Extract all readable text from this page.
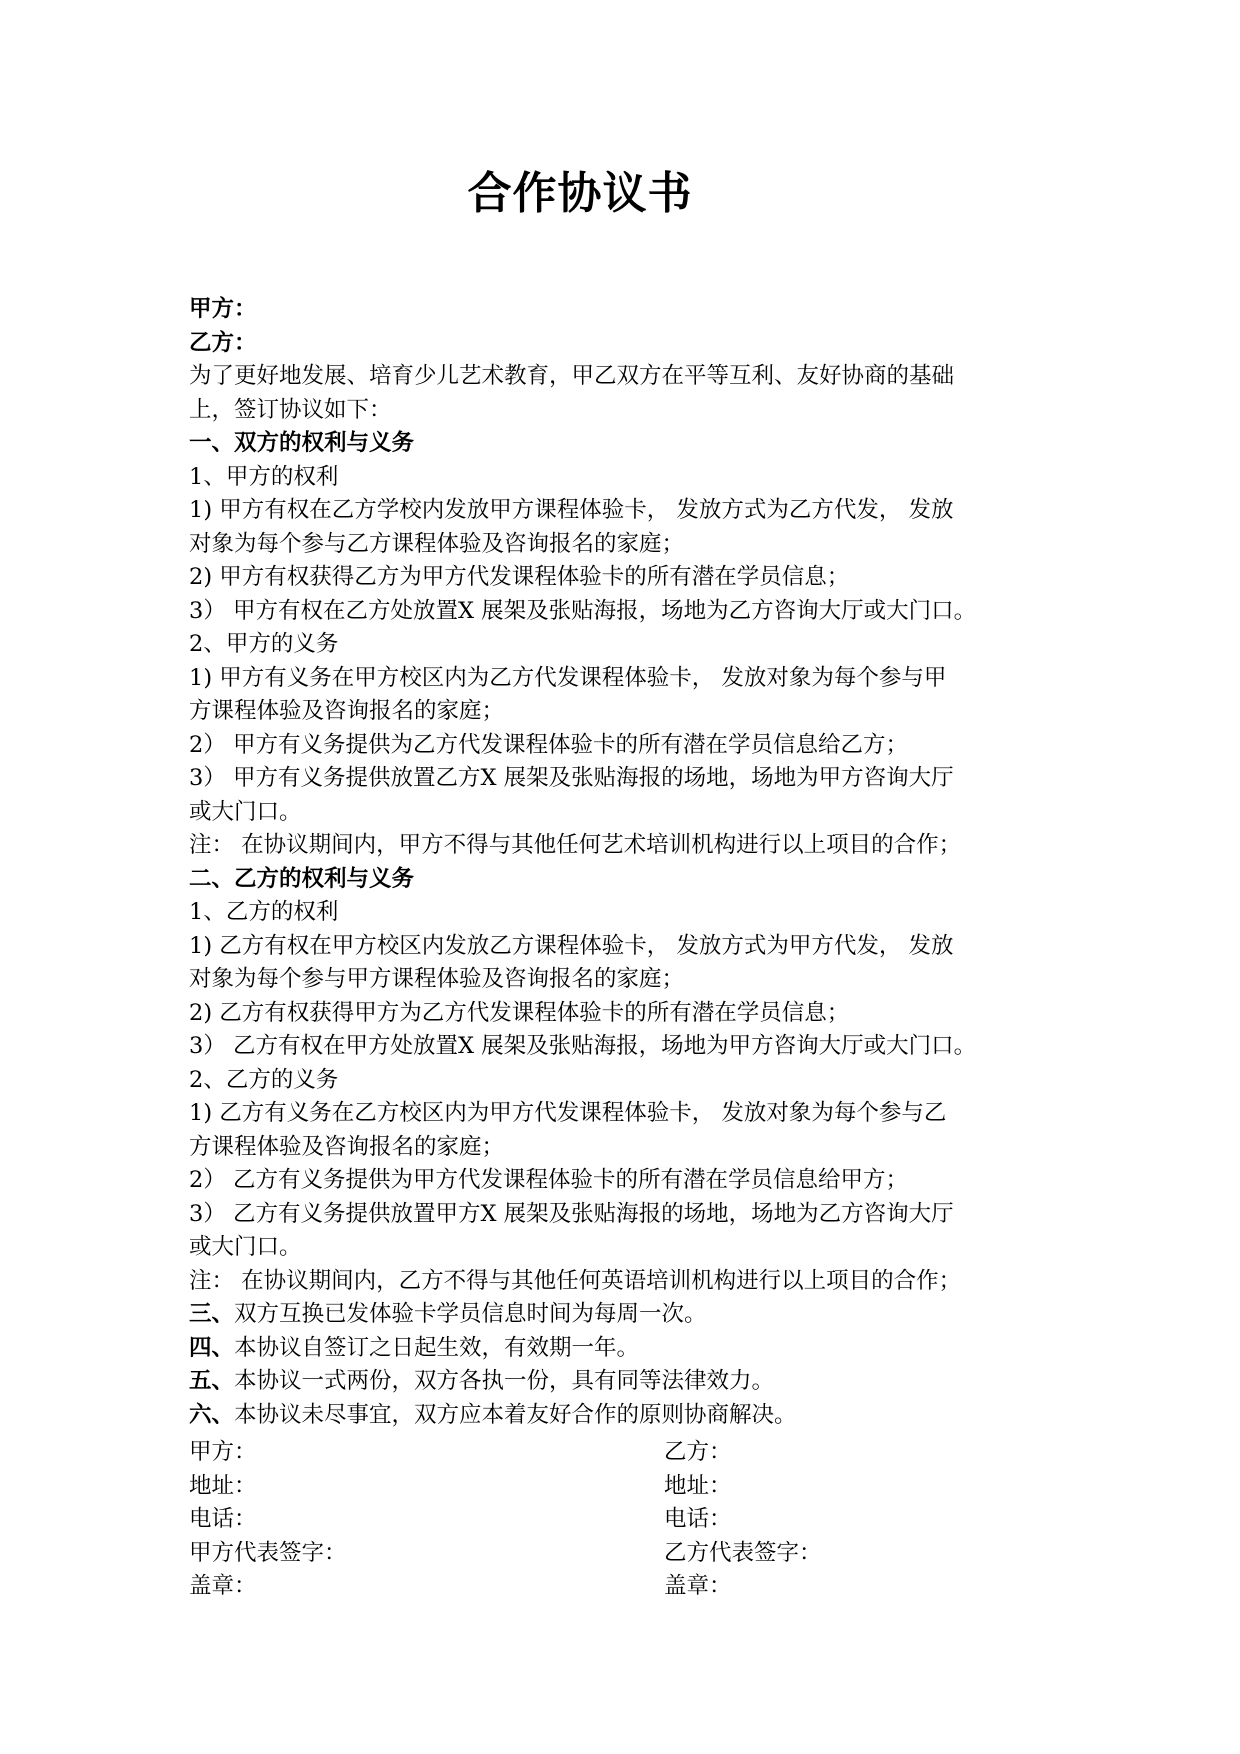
合作协议书
甲方：
乙方：
为了更好地发展、培育少儿艺术教育，甲乙双方在平等互利、友好协商的基础
上，签订协议如下：
一、双方的权利与义务
1、甲方的权利
1) 甲方有权在乙方学校内发放甲方课程体验卡， 发放方式为乙方代发， 发放
对象为每个参与乙方课程体验及咨询报名的家庭；
2) 甲方有权获得乙方为甲方代发课程体验卡的所有潜在学员信息；
3） 甲方有权在乙方处放置X 展架及张贴海报，场地为乙方咨询大厅或大门口。
2、甲方的义务
1) 甲方有义务在甲方校区内为乙方代发课程体验卡， 发放对象为每个参与甲
方课程体验及咨询报名的家庭；
2） 甲方有义务提供为乙方代发课程体验卡的所有潜在学员信息给乙方；
3） 甲方有义务提供放置乙方X 展架及张贴海报的场地，场地为甲方咨询大厅
或大门口。
注： 在协议期间内，甲方不得与其他任何艺术培训机构进行以上项目的合作；
二、乙方的权利与义务
1、乙方的权利
1) 乙方有权在甲方校区内发放乙方课程体验卡， 发放方式为甲方代发， 发放
对象为每个参与甲方课程体验及咨询报名的家庭；
2) 乙方有权获得甲方为乙方代发课程体验卡的所有潜在学员信息；
3） 乙方有权在甲方处放置X 展架及张贴海报，场地为甲方咨询大厅或大门口。
2、乙方的义务
1) 乙方有义务在乙方校区内为甲方代发课程体验卡， 发放对象为每个参与乙
方课程体验及咨询报名的家庭；
2） 乙方有义务提供为甲方代发课程体验卡的所有潜在学员信息给甲方；
3） 乙方有义务提供放置甲方X 展架及张贴海报的场地，场地为乙方咨询大厅
或大门口。
注： 在协议期间内，乙方不得与其他任何英语培训机构进行以上项目的合作；
三、双方互换已发体验卡学员信息时间为每周一次。
四、本协议自签订之日起生效，有效期一年。
五、本协议一式两份，双方各执一份，具有同等法律效力。
六、本协议未尽事宜，双方应本着友好合作的原则协商解决。
甲方：
地址：
电话：
甲方代表签字：
盖章：
乙方：
地址：
电话：
乙方代表签字：
盖章：
